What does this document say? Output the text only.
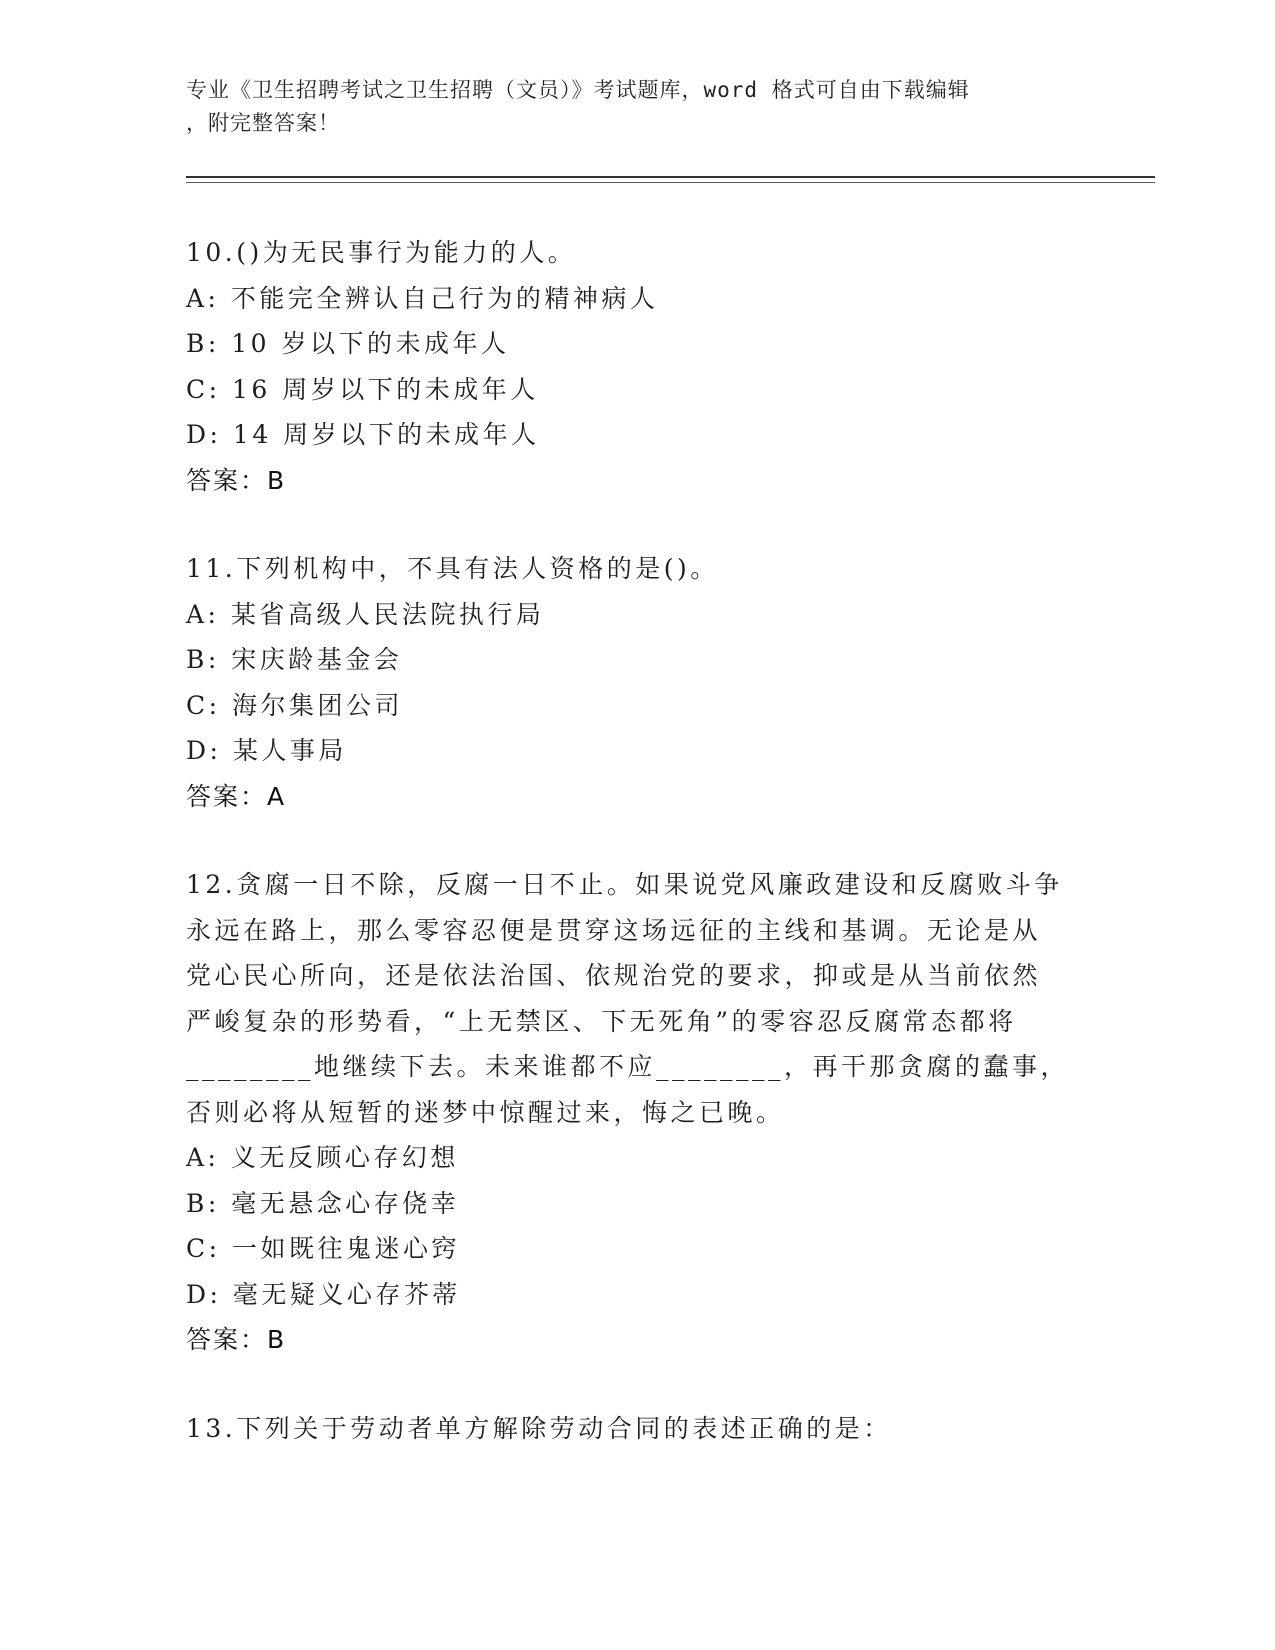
专业《卫生招聘考试之卫生招聘（文员）》考试题库，word 格式可自由下载编辑
，附完整答案！

10.()为无民事行为能力的人。

A: 不能完全辨认自己行为的精神病人

B: 10 岁以下的未成年人

C: 16 周岁以下的未成年人

D: 14 周岁以下的未成年人

答案：B

11.下列机构中，不具有法人资格的是()。

A: 某省高级人民法院执行局

B: 宋庆龄基金会

C: 海尔集团公司

D: 某人事局

答案：A

12.贪腐一日不除，反腐一日不止。如果说党风廉政建设和反腐败斗争

永远在路上，那么零容忍便是贯穿这场远征的主线和基调。无论是从

党心民心所向，还是依法治国、依规治党的要求，抑或是从当前依然

严峻复杂的形势看，“上无禁区、下无死角”的零容忍反腐常态都将

________地继续下去。未来谁都不应________，再干那贪腐的蠢事，

否则必将从短暂的迷梦中惊醒过来，悔之已晚。

A: 义无反顾心存幻想

B: 毫无悬念心存侥幸

C: 一如既往鬼迷心窍

D: 毫无疑义心存芥蒂

答案：B

13.下列关于劳动者单方解除劳动合同的表述正确的是：
